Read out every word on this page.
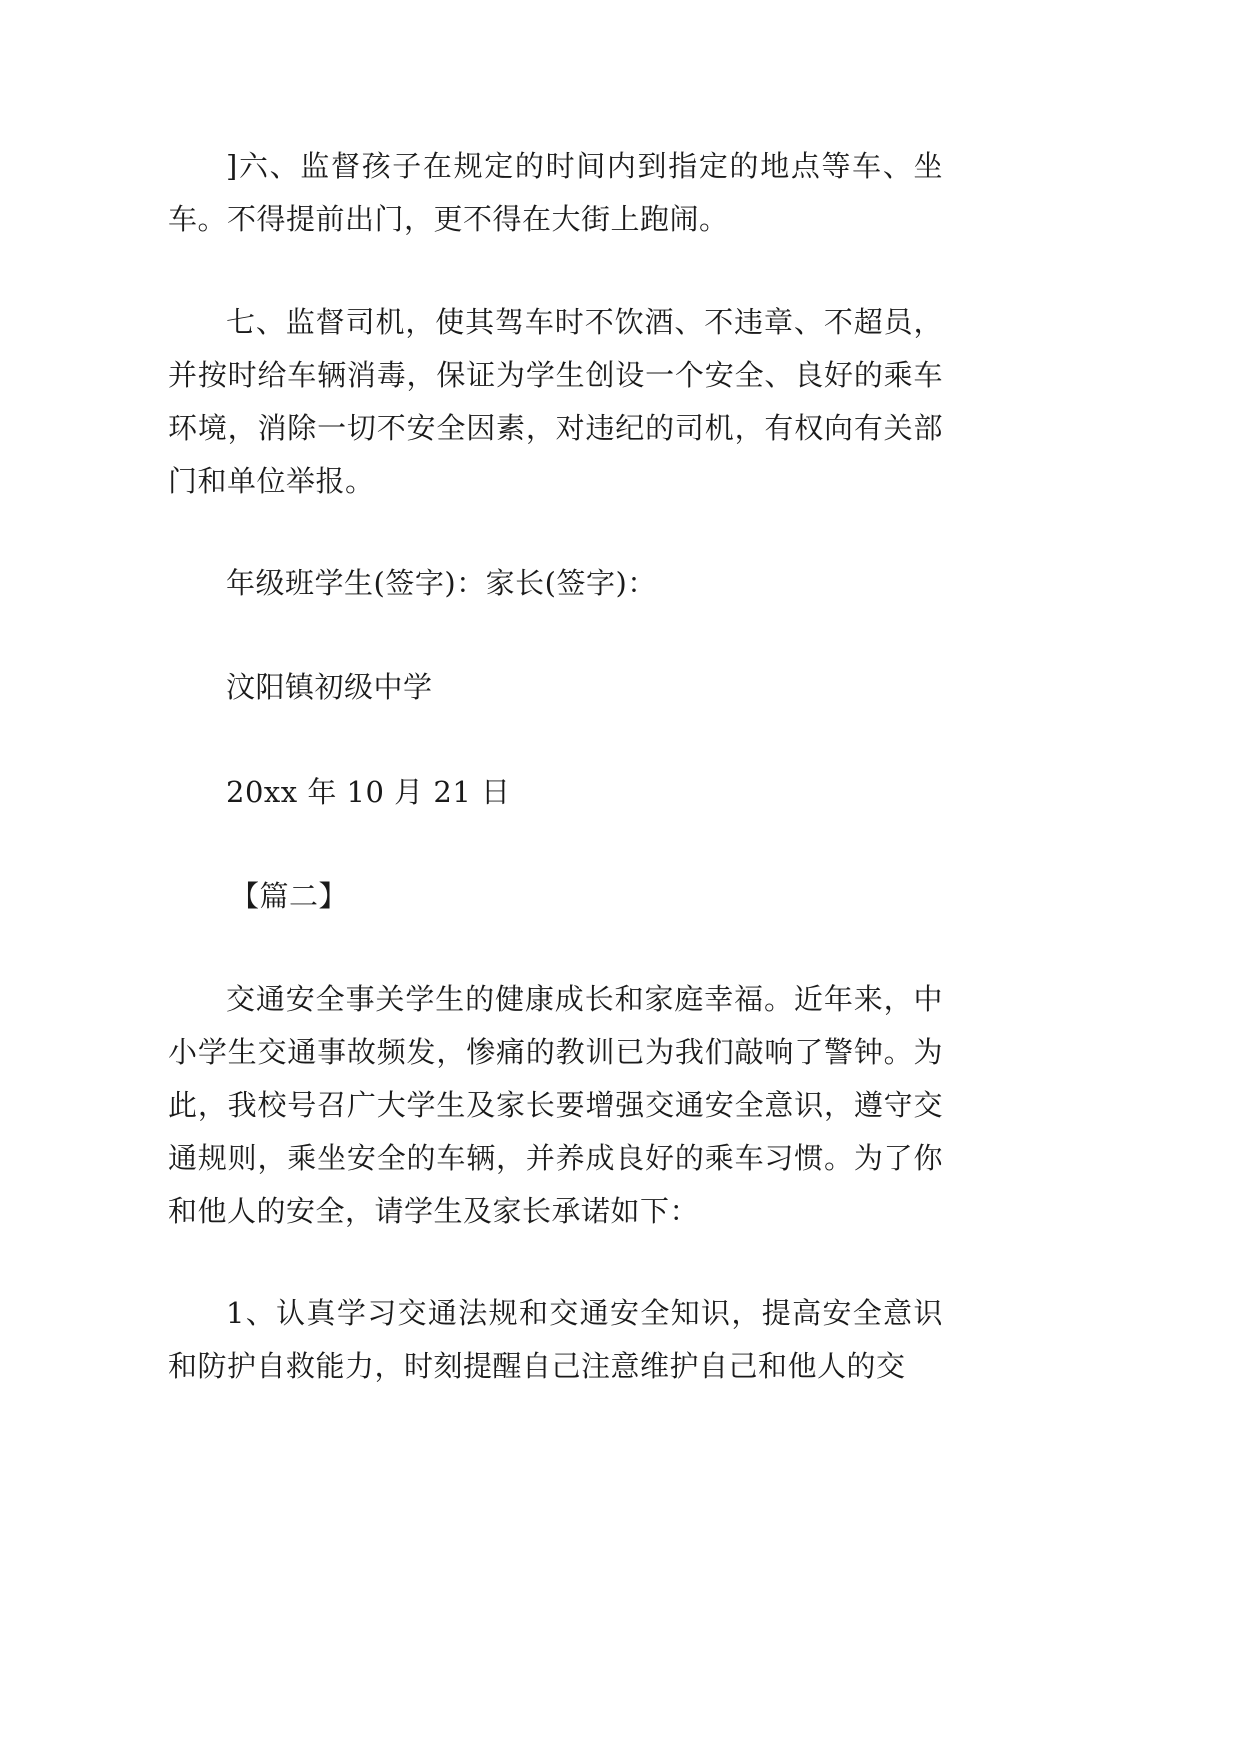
]六、监督孩子在规定的时间内到指定的地点等车、坐车。不得提前出门，更不得在大街上跑闹。

七、监督司机，使其驾车时不饮酒、不违章、不超员，并按时给车辆消毒，保证为学生创设一个安全、良好的乘车环境，消除一切不安全因素，对违纪的司机，有权向有关部门和单位举报。

年级班学生(签字)：家长(签字)：

汶阳镇初级中学

20xx 年 10 月 21 日

【篇二】

交通安全事关学生的健康成长和家庭幸福。近年来，中小学生交通事故频发，惨痛的教训已为我们敲响了警钟。为此，我校号召广大学生及家长要增强交通安全意识，遵守交通规则，乘坐安全的车辆，并养成良好的乘车习惯。为了你和他人的安全，请学生及家长承诺如下：

1、认真学习交通法规和交通安全知识，提高安全意识和防护自救能力，时刻提醒自己注意维护自己和他人的交
